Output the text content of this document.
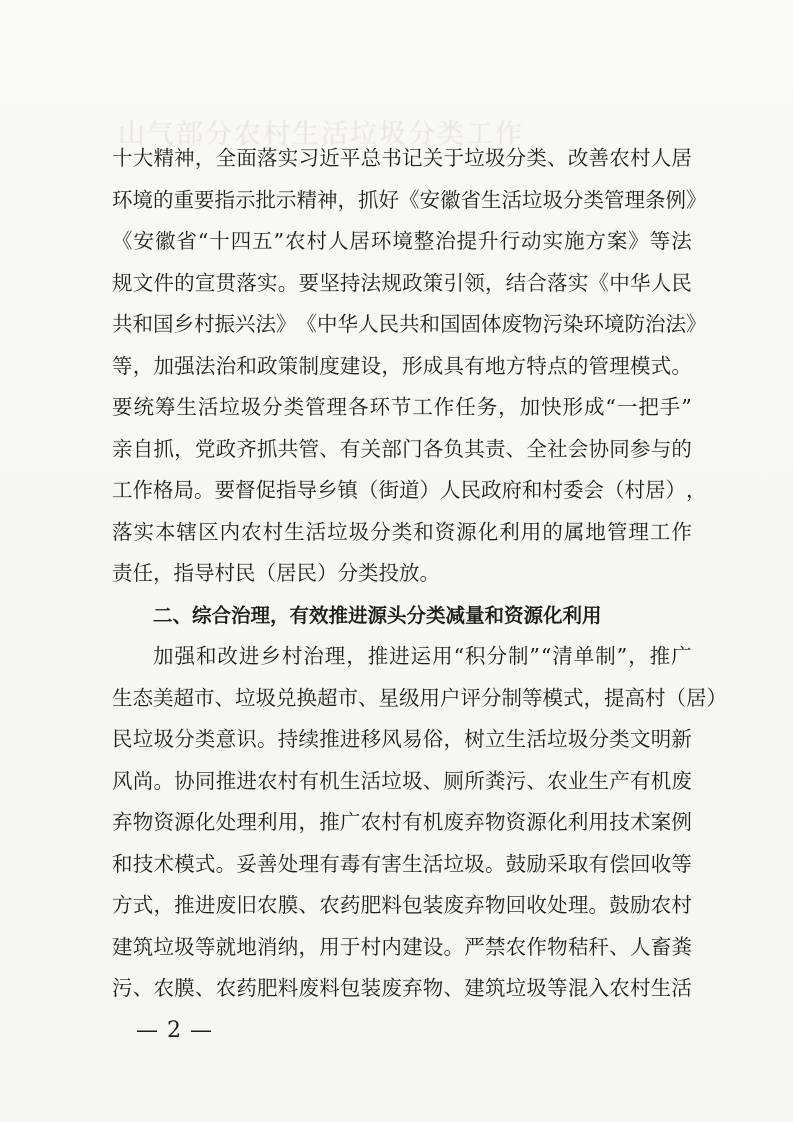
山气部分农村生活垃圾分类工作
十 大 精 神 ， 全 面 落 实 习 近 平 总 书 记 关 于 垃 圾 分 类 、 改 善 农 村 人 居
环 境 的 重 要 指 示 批 示 精 神 ， 抓 好 《 安 徽 省 生 活 垃 圾 分 类 管 理 条 例 》
《 安 徽 省 “ 十 四 五 ” 农 村 人 居 环 境 整 治 提 升 行 动 实 施 方 案 》 等 法
规 文 件 的 宣 贯 落 实 。 要 坚 持 法 规 政 策 引 领 ， 结 合 落 实 《 中 华 人 民
共 和 国 乡 村 振 兴 法 》 《 中 华 人 民 共 和 国 固 体 废 物 污 染 环 境 防 治 法 》
等 ， 加 强 法 治 和 政 策 制 度 建 设 ， 形 成 具 有 地 方 特 点 的 管 理 模 式 。
要 统 筹 生 活 垃 圾 分 类 管 理 各 环 节 工 作 任 务 ， 加 快 形 成 “ 一 把 手 ”
亲 自 抓 ， 党 政 齐 抓 共 管 、 有 关 部 门 各 负 其 责 、 全 社 会 协 同 参 与 的
工 作 格 局 。 要 督 促 指 导 乡 镇 （ 街 道 ） 人 民 政 府 和 村 委 会 （ 村 居 ） ，
落 实 本 辖 区 内 农 村 生 活 垃 圾 分 类 和 资 源 化 利 用 的 属 地 管 理 工 作
责任，指导村民（居民）分类投放。
二、综合治理，有效推进源头分类减量和资源化利用
加 强 和 改 进 乡 村 治 理 ， 推 进 运 用 “ 积 分 制 ” “ 清 单 制 ” ， 推 广
生 态 美 超 市 、 垃 圾 兑 换 超 市 、 星 级 用 户 评 分 制 等 模 式 ， 提 高 村 （ 居 ）
民 垃 圾 分 类 意 识 。 持 续 推 进 移 风 易 俗 ， 树 立 生 活 垃 圾 分 类 文 明 新
风 尚 。 协 同 推 进 农 村 有 机 生 活 垃 圾 、 厕 所 粪 污 、 农 业 生 产 有 机 废
弃 物 资 源 化 处 理 利 用 ， 推 广 农 村 有 机 废 弃 物 资 源 化 利 用 技 术 案 例
和 技 术 模 式 。 妥 善 处 理 有 毒 有 害 生 活 垃 圾 。 鼓 励 采 取 有 偿 回 收 等
方 式 ， 推 进 废 旧 农 膜 、 农 药 肥 料 包 装 废 弃 物 回 收 处 理 。 鼓 励 农 村
建 筑 垃 圾 等 就 地 消 纳 ， 用 于 村 内 建 设 。 严 禁 农 作 物 秸 秆 、 人 畜 粪
污 、 农 膜 、 农 药 肥 料 废 料 包 装 废 弃 物 、 建 筑 垃 圾 等 混 入 农 村 生 活
— 2 —
